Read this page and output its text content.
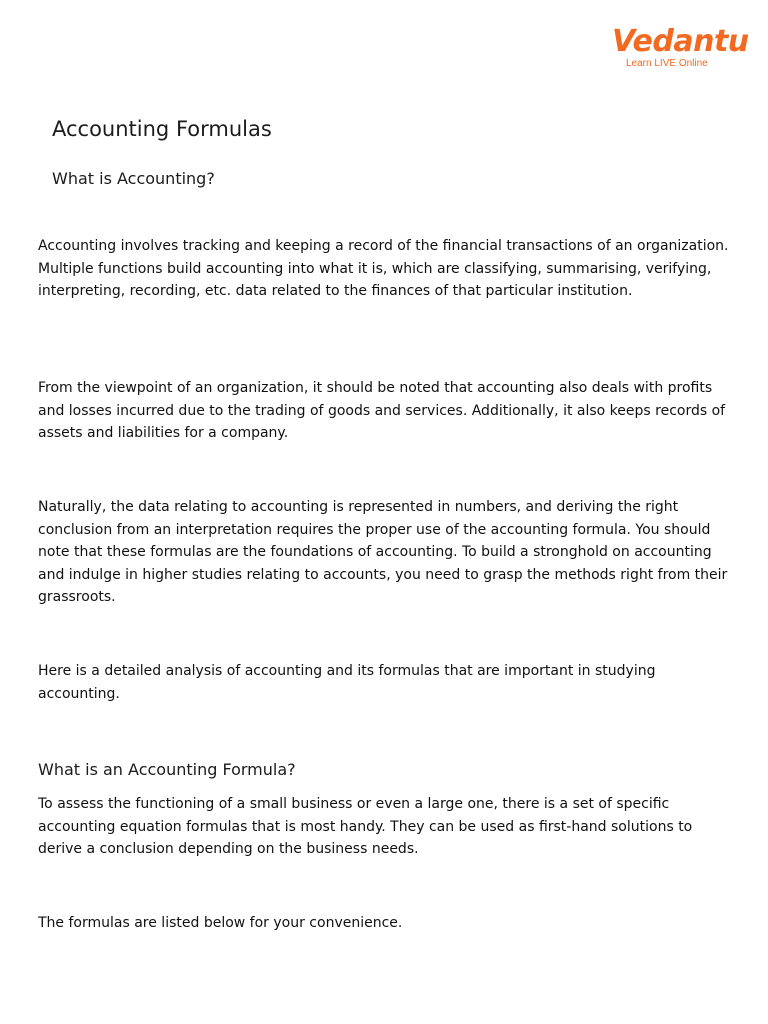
Vedantu
Learn LIVE Online
Accounting Formulas
What is Accounting?

Accounting involves tracking and keeping a record of the financial transactions of an organization. Multiple functions build accounting into what it is, which are classifying, summarising, verifying, interpreting, recording, etc. data related to the finances of that particular institution.

From the viewpoint of an organization, it should be noted that accounting also deals with profits and losses incurred due to the trading of goods and services. Additionally, it also keeps records of assets and liabilities for a company.

Naturally, the data relating to accounting is represented in numbers, and deriving the right conclusion from an interpretation requires the proper use of the accounting formula. You should note that these formulas are the foundations of accounting. To build a stronghold on accounting and indulge in higher studies relating to accounts, you need to grasp the methods right from their grassroots.

Here is a detailed analysis of accounting and its formulas that are important in studying accounting.

What is an Accounting Formula?

To assess the functioning of a small business or even a large one, there is a set of specific accounting equation formulas that is most handy. They can be used as first-hand solutions to derive a conclusion depending on the business needs.

The formulas are listed below for your convenience.
